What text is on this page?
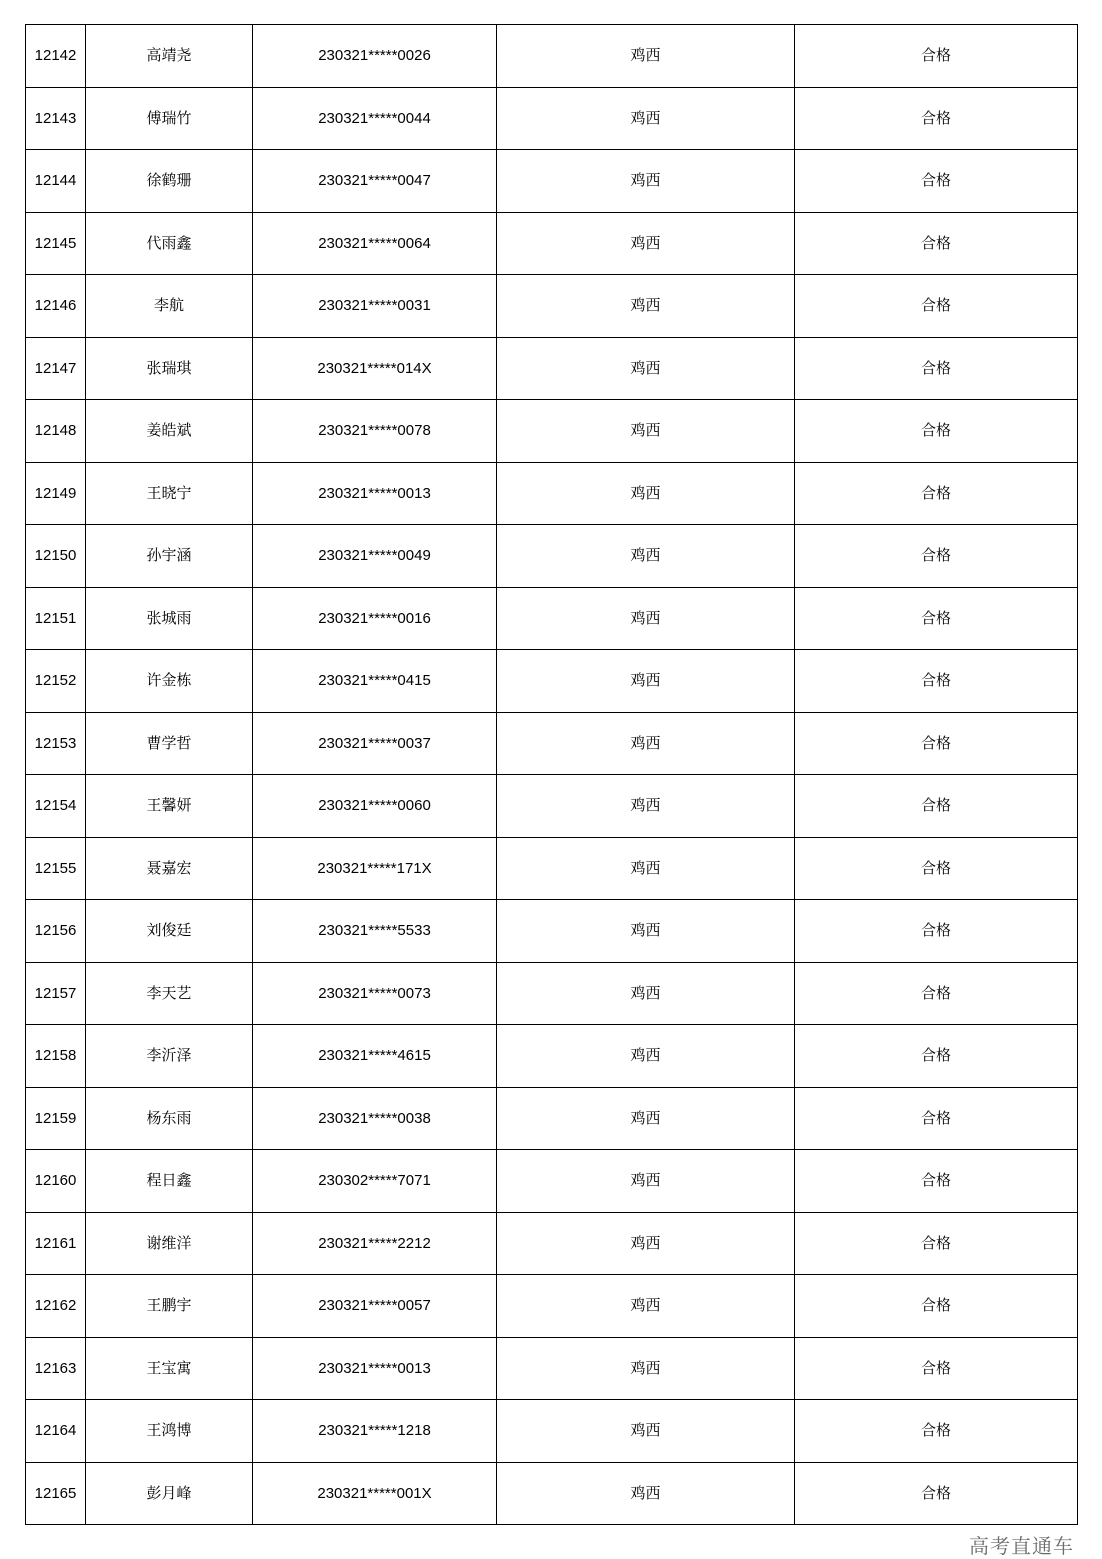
12142	高靖尧	230321*****0026	鸡西	合格
12143	傅瑞竹	230321*****0044	鸡西	合格
12144	徐鹤珊	230321*****0047	鸡西	合格
12145	代雨鑫	230321*****0064	鸡西	合格
12146	李航	230321*****0031	鸡西	合格
12147	张瑞琪	230321*****014X	鸡西	合格
12148	姜皓斌	230321*****0078	鸡西	合格
12149	王晓宁	230321*****0013	鸡西	合格
12150	孙宇涵	230321*****0049	鸡西	合格
12151	张城雨	230321*****0016	鸡西	合格
12152	许金栋	230321*****0415	鸡西	合格
12153	曹学哲	230321*****0037	鸡西	合格
12154	王馨妍	230321*****0060	鸡西	合格
12155	聂嘉宏	230321*****171X	鸡西	合格
12156	刘俊廷	230321*****5533	鸡西	合格
12157	李天艺	230321*****0073	鸡西	合格
12158	李沂泽	230321*****4615	鸡西	合格
12159	杨东雨	230321*****0038	鸡西	合格
12160	程日鑫	230302*****7071	鸡西	合格
12161	谢维洋	230321*****2212	鸡西	合格
12162	王鹏宇	230321*****0057	鸡西	合格
12163	王宝寓	230321*****0013	鸡西	合格
12164	王鸿博	230321*****1218	鸡西	合格
12165	彭月峰	230321*****001X	鸡西	合格
高考直通车
